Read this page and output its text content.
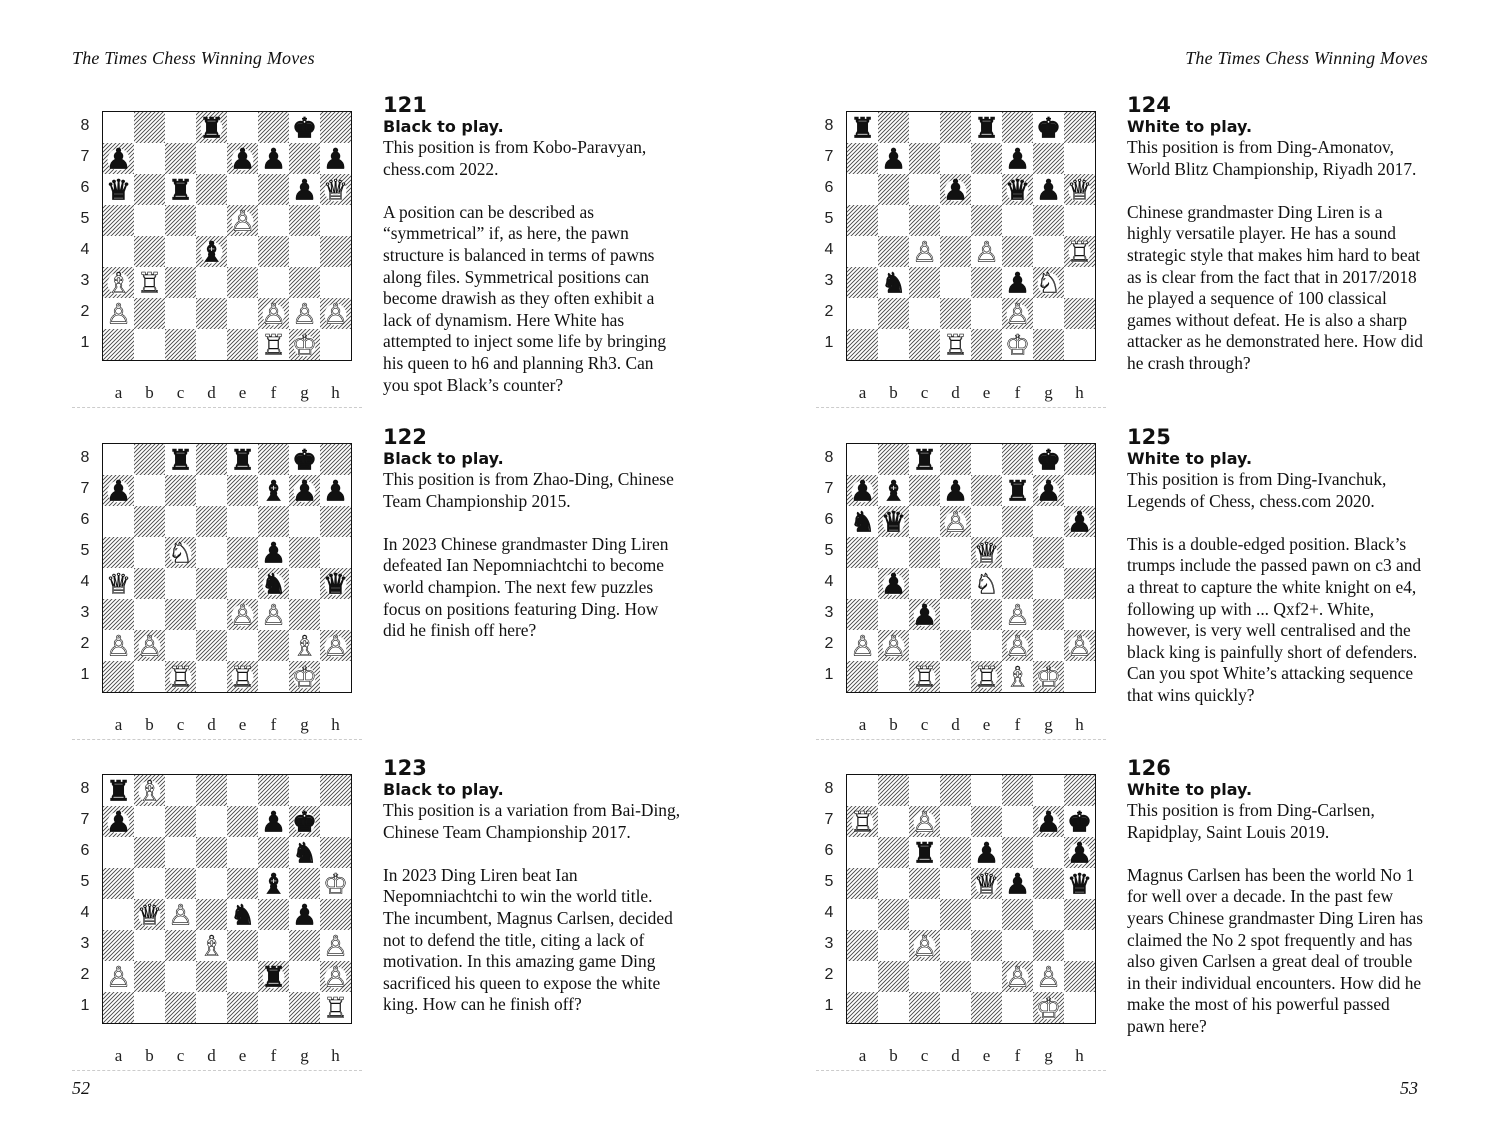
The Times Chess Winning Moves
52
♜ ♚
♟	♟ ♟ ♟
♛ ♜	♟ ♕
♙
♝
♗ ♖
♙	♙ ♙ ♙
♖ ♔
8
7
6
5
4
3
2
1
a	b	c	d	e	f	g	h
121
Black to play.

This position is from Kobo-Paravyan, chess.com 2022.

A position can be described as “symmetrical” if, as here, the pawn structure is balanced in terms of pawns along files. Symmetrical positions can become drawish as they often exhibit a lack of dynamism. Here White has attempted to inject some life by bringing his queen to h6 and planning Rh3. Can you spot Black’s counter?

♜ ♜ ♚
♟	♝ ♟ ♟
♘ ♟
♕	♞ ♛
♙ ♙
♙ ♙	♗ ♙
♖ ♖ ♔
8
7
6
5
4
3
2
1
a	b	c	d	e	f	g	h
122
Black to play.

This position is from Zhao-Ding, Chinese Team Championship 2015.

In 2023 Chinese grandmaster Ding Liren defeated Ian Nepomniachtchi to become world champion. The next few puzzles focus on positions featuring Ding. How did he finish off here?

♜ ♗
♟	♟ ♚
♞
♝ ♔
♕ ♙ ♞ ♟
♗	♙
♙	♜ ♙
♖
8
7
6
5
4
3
2
1
a	b	c	d	e	f	g	h
123
Black to play.

This position is a variation from Bai-Ding, Chinese Team Championship 2017.

In 2023 Ding Liren beat Ian Nepomniachtchi to win the world title. The incumbent, Magnus Carlsen, decided not to defend the title, citing a lack of motivation. In this amazing game Ding sacrificed his queen to expose the white king. How can he finish off?

The Times Chess Winning Moves
53
♜	♜ ♚
♟	♟
♟ ♛ ♟ ♕
♙ ♙ ♖
♞	♟ ♘
♙
♖ ♔
8
7
6
5
4
3
2
1
a	b	c	d	e	f	g	h
124
White to play.

This position is from Ding-Amonatov, World Blitz Championship, Riyadh 2017.

Chinese grandmaster Ding Liren is a highly versatile player. He has a sound strategic style that makes him hard to beat as is clear from the fact that in 2017/2018 he played a sequence of 100 classical games without defeat. He is also a sharp attacker as he demonstrated here. How did he crash through?

♜	♚
♟ ♝ ♟ ♜ ♟
♞ ♛ ♙	♟
♕
♟ ♘
♟ ♙
♙ ♙	♙ ♙
♖ ♖ ♗ ♔
8
7
6
5
4
3
2
1
a	b	c	d	e	f	g	h
125
White to play.

This position is from Ding-Ivanchuk, Legends of Chess, chess.com 2020.

This is a double-edged position. Black’s trumps include the passed pawn on c3 and a threat to capture the white knight on e4, following up with ... Qxf2+. White, however, is very well centralised and the black king is painfully short of defenders. Can you spot White’s attacking sequence that wins quickly?

♖ ♙	♟ ♚
♜ ♟ ♟
♕ ♟ ♛
♙
♙ ♙
♔
8
7
6
5
4
3
2
1
a	b	c	d	e	f	g	h
126
White to play.

This position is from Ding-Carlsen, Rapidplay, Saint Louis 2019.

Magnus Carlsen has been the world No 1 for well over a decade. In the past few years Chinese grandmaster Ding Liren has claimed the No 2 spot frequently and has also given Carlsen a great deal of trouble in their individual encounters. How did he make the most of his powerful passed pawn here?
